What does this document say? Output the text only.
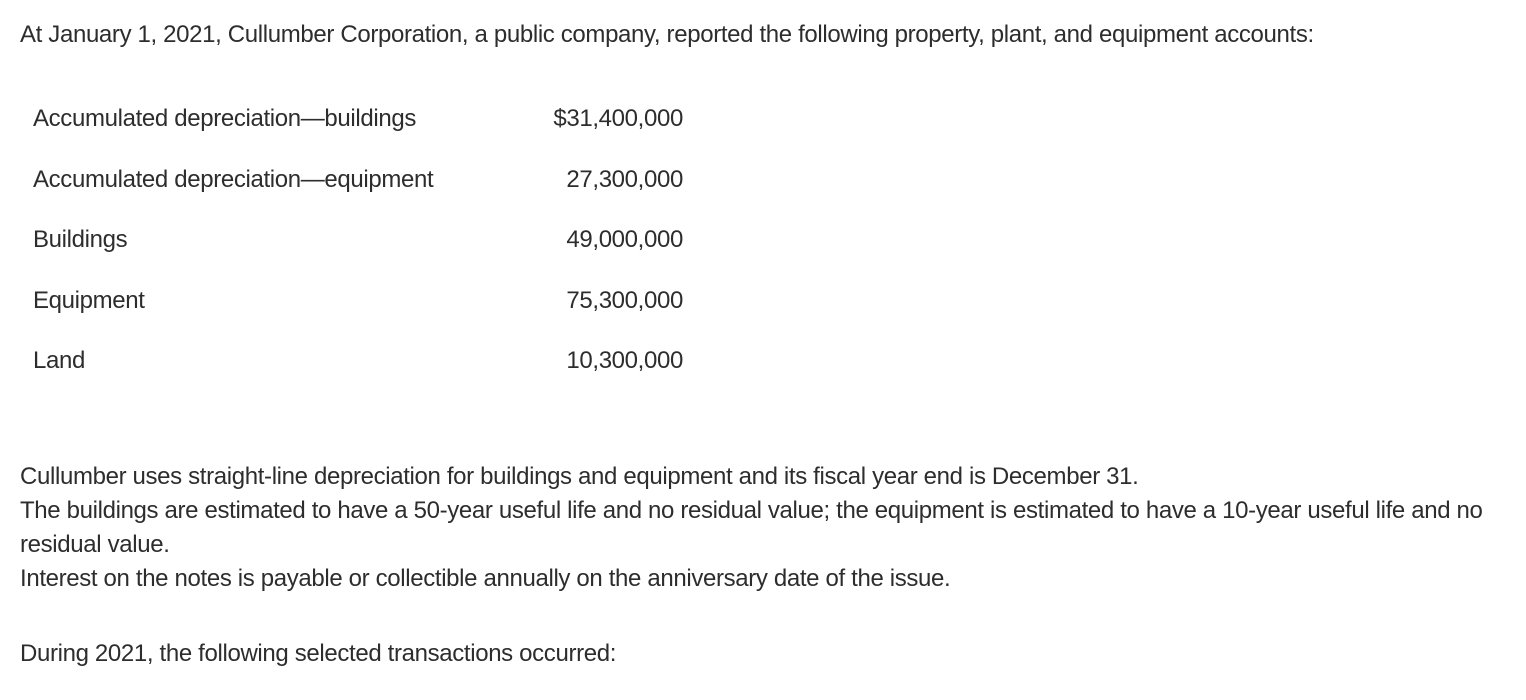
At January 1, 2021, Cullumber Corporation, a public company, reported the following property, plant, and equipment accounts:
Accumulated depreciation—buildings	$31,400,000
Accumulated depreciation—equipment	27,300,000
Buildings	49,000,000
Equipment	75,300,000
Land	10,300,000

Cullumber uses straight-line depreciation for buildings and equipment and its fiscal year end is December 31.

The buildings are estimated to have a 50-year useful life and no residual value; the equipment is estimated to have a 10-year useful life and no residual value.

Interest on the notes is payable or collectible annually on the anniversary date of the issue.

During 2021, the following selected transactions occurred:
